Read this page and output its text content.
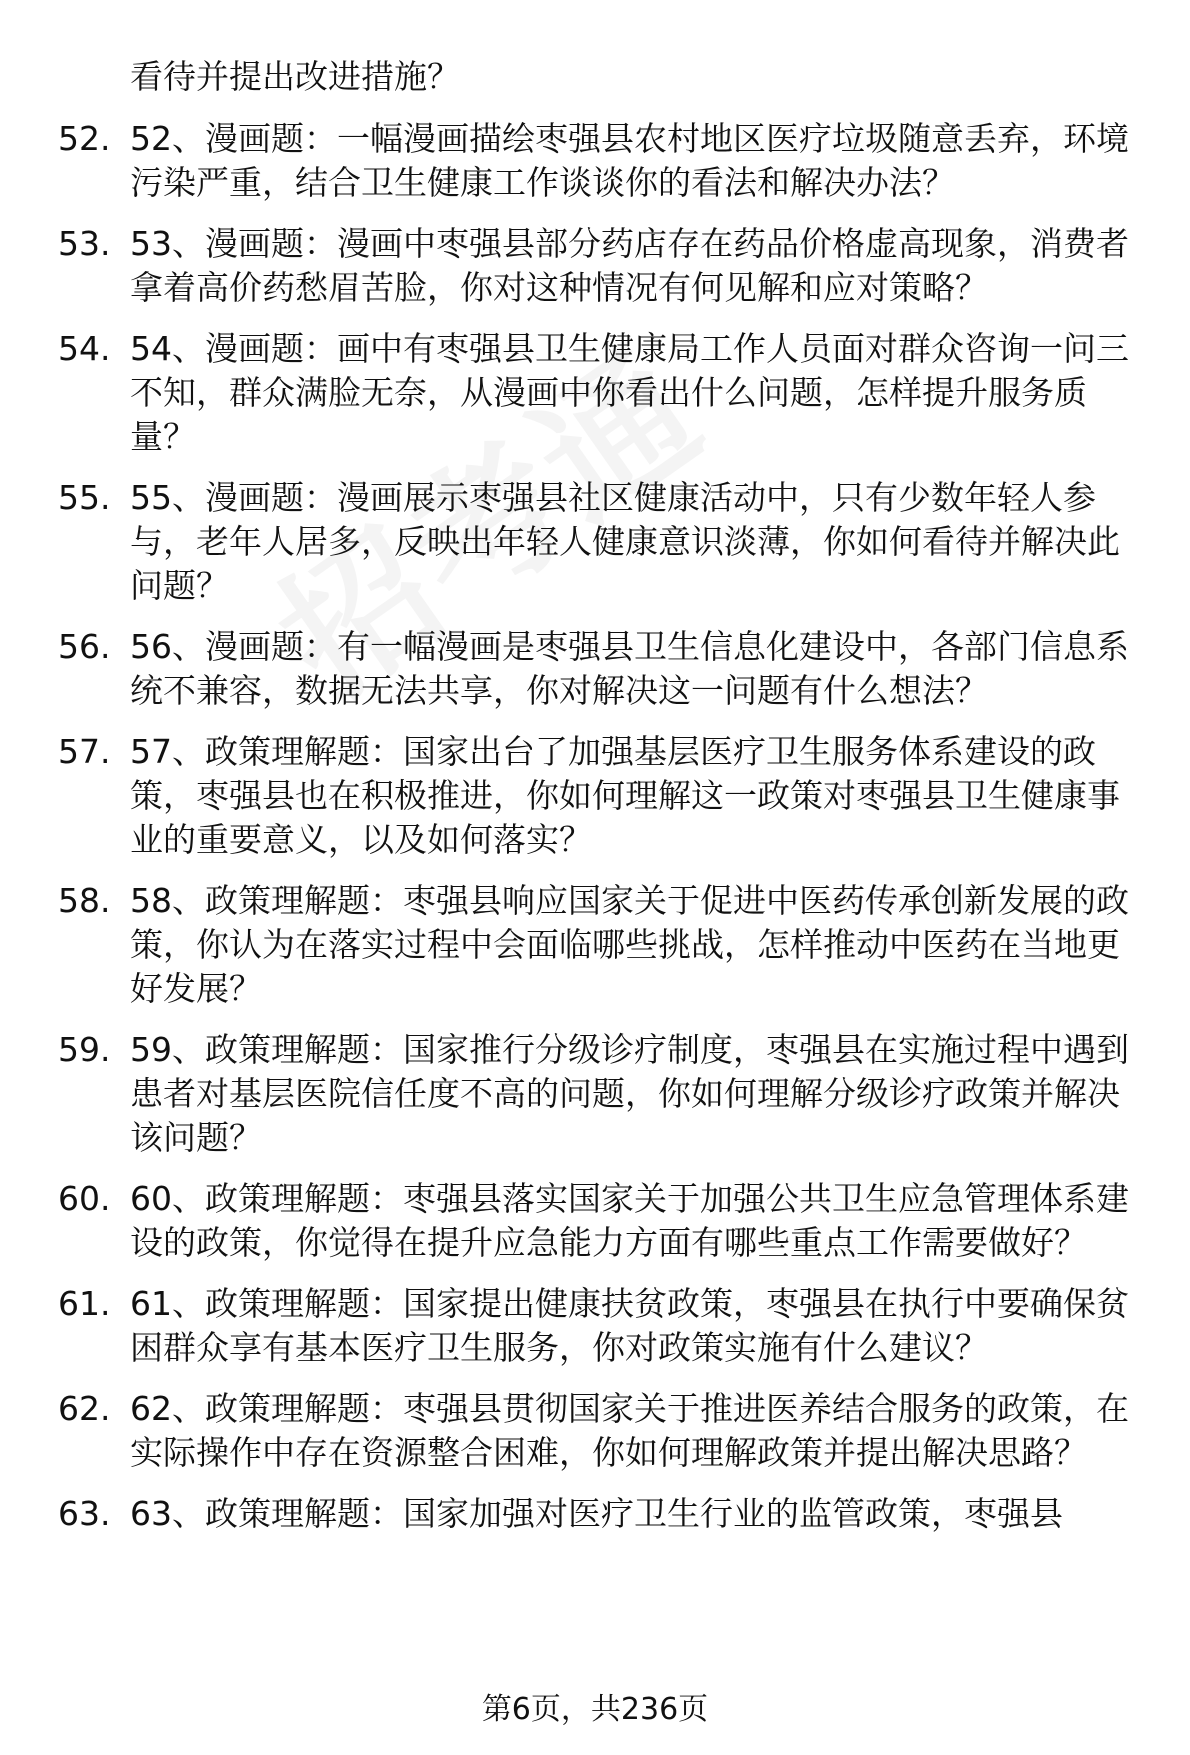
看待并提出改进措施？
52. 52、漫画题：一幅漫画描绘枣强县农村地区医疗垃圾随意丢弃，环境污染严重，结合卫生健康工作谈谈你的看法和解决办法？
53. 53、漫画题：漫画中枣强县部分药店存在药品价格虚高现象，消费者拿着高价药愁眉苦脸，你对这种情况有何见解和应对策略？
54. 54、漫画题：画中有枣强县卫生健康局工作人员面对群众咨询一问三不知，群众满脸无奈，从漫画中你看出什么问题，怎样提升服务质量？
55. 55、漫画题：漫画展示枣强县社区健康活动中，只有少数年轻人参与，老年人居多，反映出年轻人健康意识淡薄，你如何看待并解决此问题？
56. 56、漫画题：有一幅漫画是枣强县卫生信息化建设中，各部门信息系统不兼容，数据无法共享，你对解决这一问题有什么想法？
57. 57、政策理解题：国家出台了加强基层医疗卫生服务体系建设的政策，枣强县也在积极推进，你如何理解这一政策对枣强县卫生健康事业的重要意义，以及如何落实？
58. 58、政策理解题：枣强县响应国家关于促进中医药传承创新发展的政策，你认为在落实过程中会面临哪些挑战，怎样推动中医药在当地更好发展？
59. 59、政策理解题：国家推行分级诊疗制度，枣强县在实施过程中遇到患者对基层医院信任度不高的问题，你如何理解分级诊疗政策并解决该问题？
60. 60、政策理解题：枣强县落实国家关于加强公共卫生应急管理体系建设的政策，你觉得在提升应急能力方面有哪些重点工作需要做好？
61. 61、政策理解题：国家提出健康扶贫政策，枣强县在执行中要确保贫困群众享有基本医疗卫生服务，你对政策实施有什么建议？
62. 62、政策理解题：枣强县贯彻国家关于推进医养结合服务的政策，在实际操作中存在资源整合困难，你如何理解政策并提出解决思路？
63. 63、政策理解题：国家加强对医疗卫生行业的监管政策，枣强县
第6页，共236页
